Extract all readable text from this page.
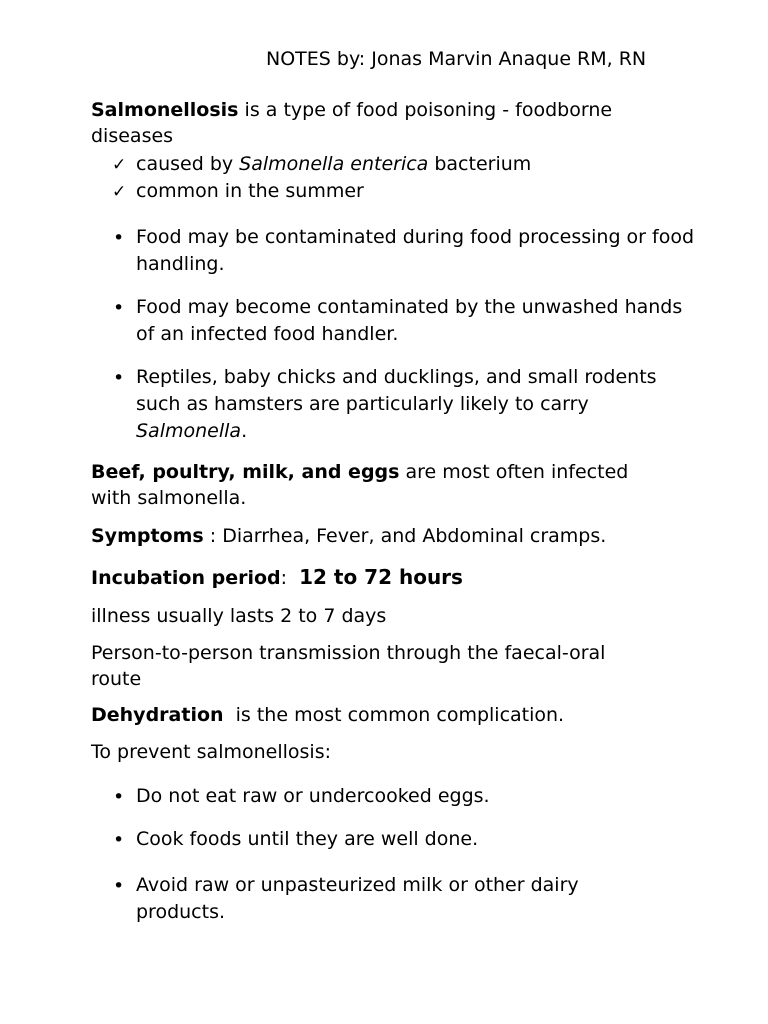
NOTES by: Jonas Marvin Anaque RM, RN
Salmonellosis is a type of food poisoning - foodborne diseases
✓ caused by Salmonella enterica bacterium
✓ common in the summer
• Food may be contaminated during food processing or food handling.
• Food may become contaminated by the unwashed hands of an infected food handler.
• Reptiles, baby chicks and ducklings, and small rodents such as hamsters are particularly likely to carry Salmonella.
Beef, poultry, milk, and eggs are most often infected with salmonella.
Symptoms : Diarrhea, Fever, and Abdominal cramps.
Incubation period:  12 to 72 hours
illness usually lasts 2 to 7 days
Person-to-person transmission through the faecal-oral route
Dehydration  is the most common complication.
To prevent salmonellosis:
• Do not eat raw or undercooked eggs.
• Cook foods until they are well done.
• Avoid raw or unpasteurized milk or other dairy products.
